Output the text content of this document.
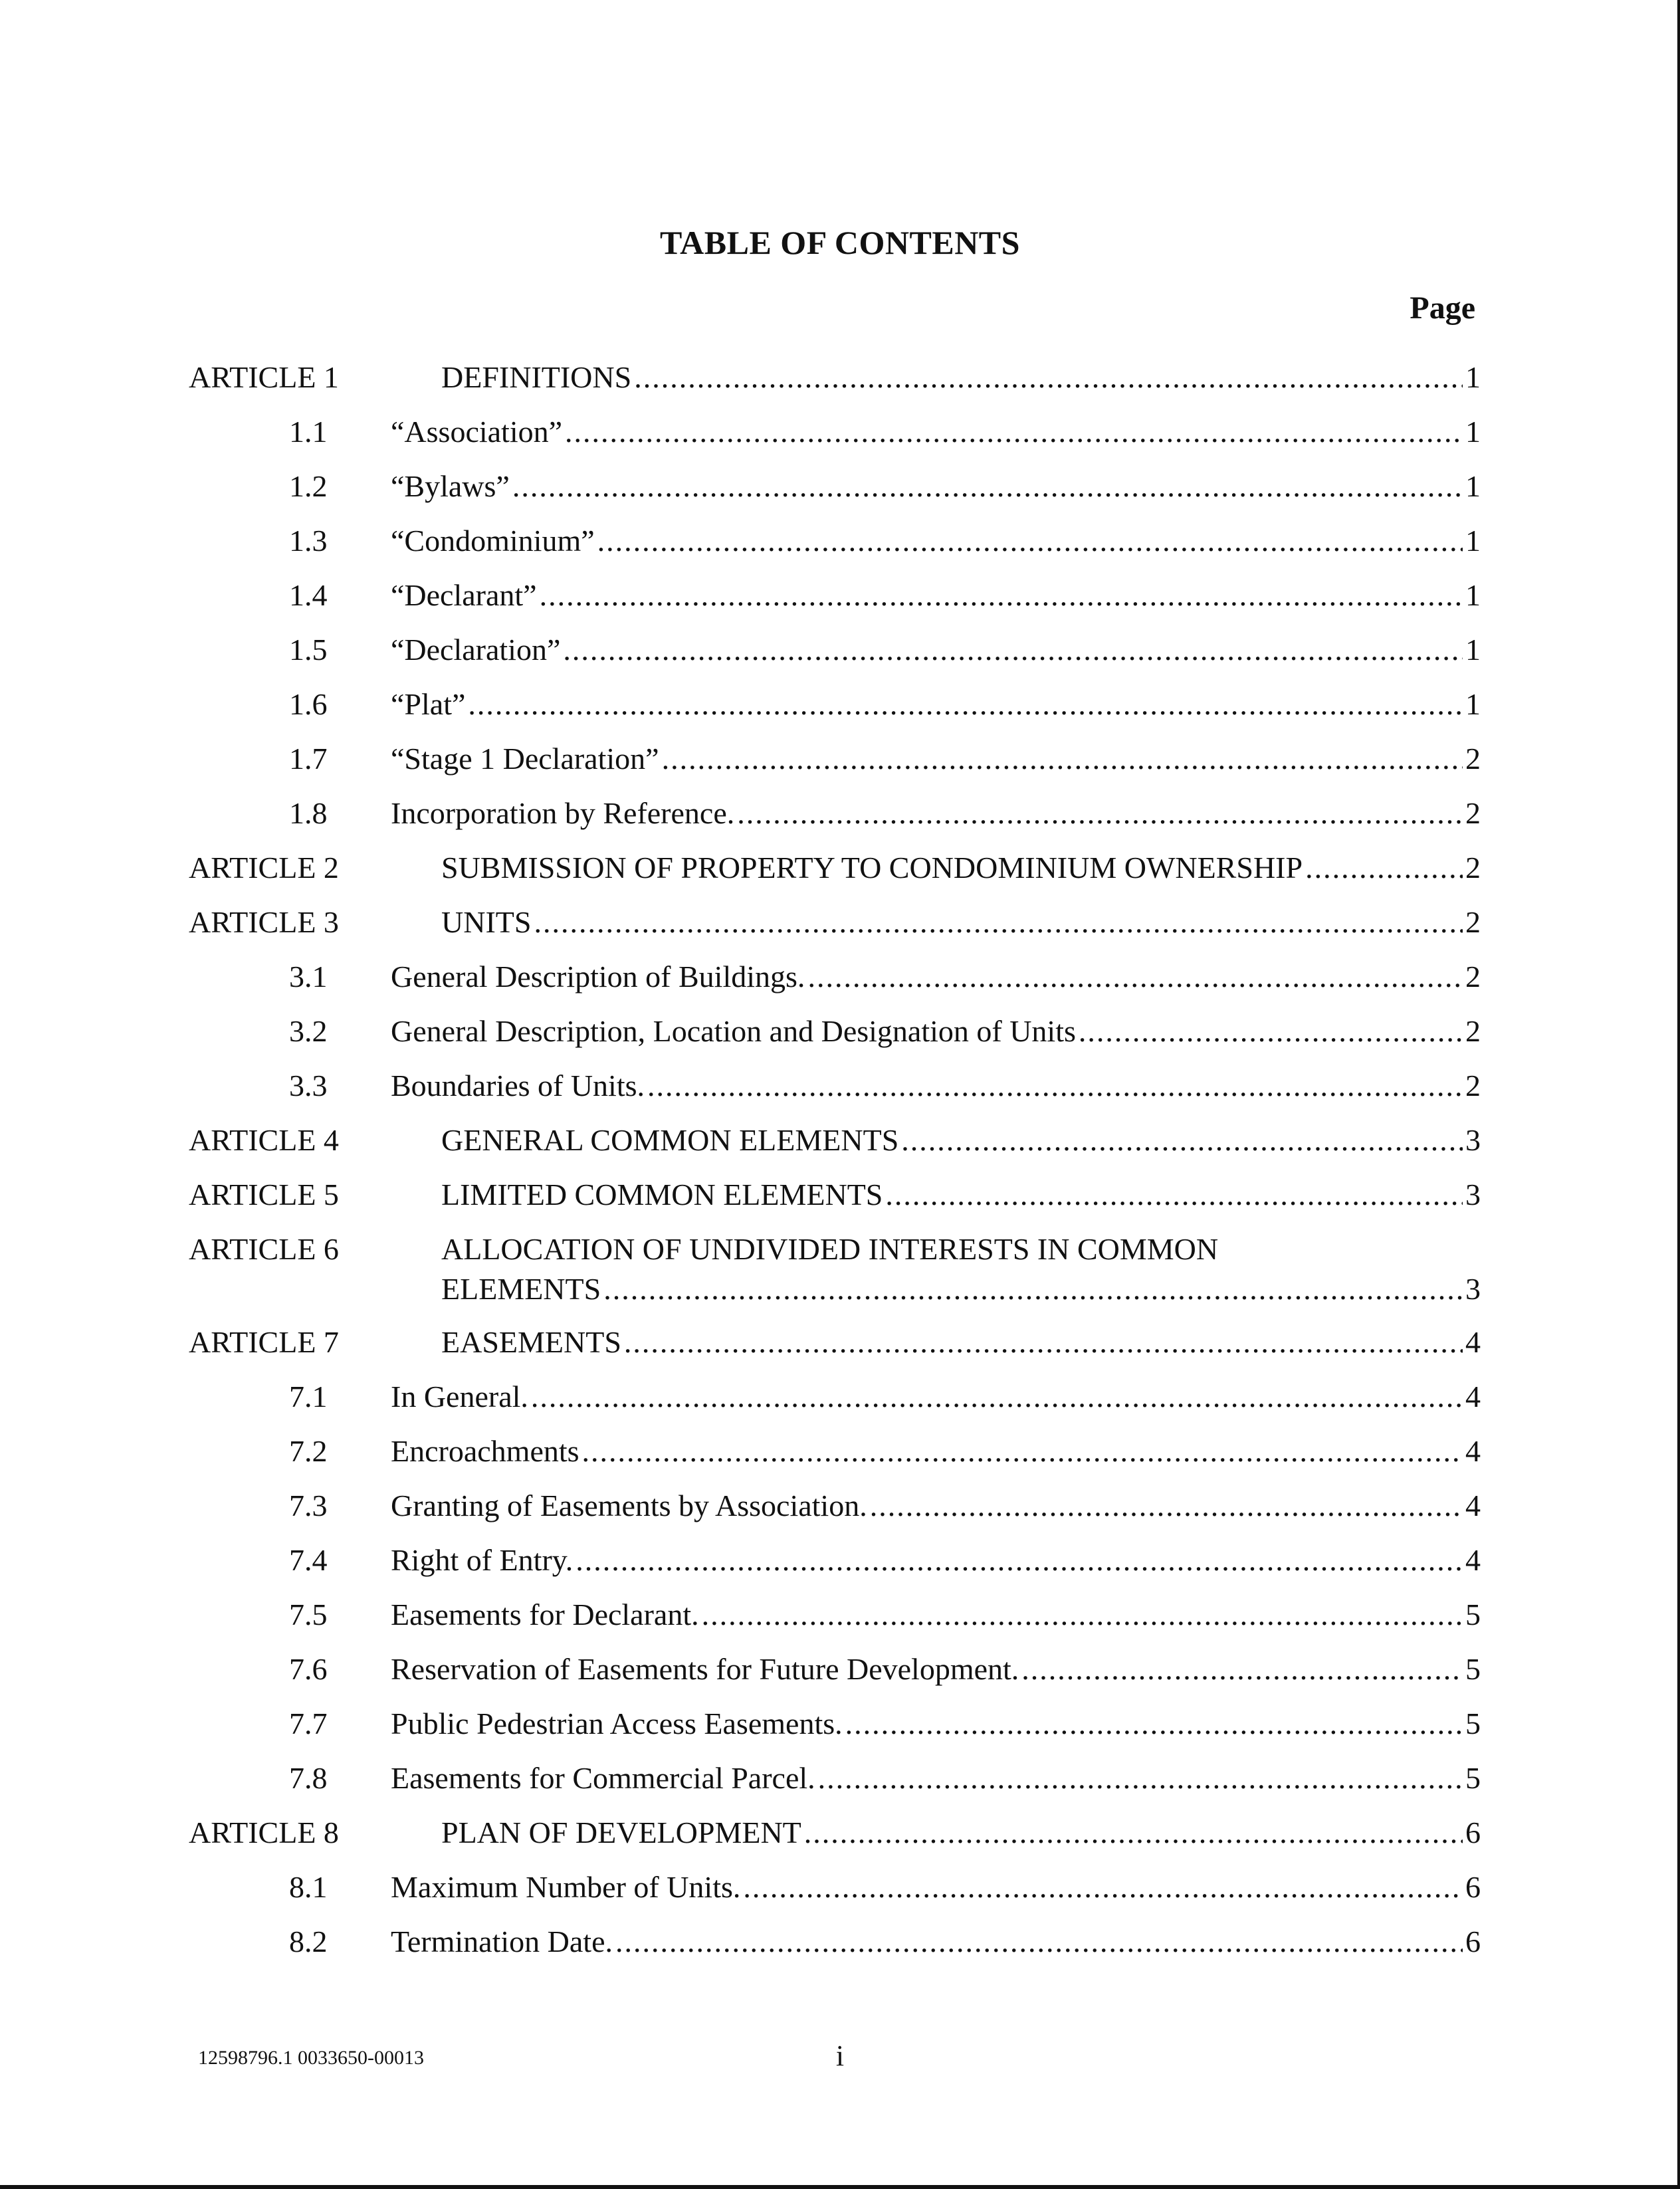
TABLE OF CONTENTS
Page
ARTICLE 1	DEFINITIONS .....	1
1.1 “Association” .....	1
1.2 “Bylaws” .....	1
1.3 “Condominium” .....	1
1.4 “Declarant” .....	1
1.5 “Declaration” .....	1
1.6 “Plat” .....	1
1.7 “Stage 1 Declaration” .....	2
1.8 Incorporation by Reference. .....	2
ARTICLE 2	SUBMISSION OF PROPERTY TO CONDOMINIUM OWNERSHIP .....	2
ARTICLE 3	UNITS .....	2
3.1 General Description of Buildings. .....	2
3.2 General Description, Location and Designation of Units .....	2
3.3 Boundaries of Units. .....	2
ARTICLE 4	GENERAL COMMON ELEMENTS .....	3
ARTICLE 5	LIMITED COMMON ELEMENTS .....	3
ARTICLE 6	ALLOCATION OF UNDIVIDED INTERESTS IN COMMON
ELEMENTS .....	3
ARTICLE 7	EASEMENTS .....	4
7.1 In General. .....	4
7.2 Encroachments .....	4
7.3 Granting of Easements by Association. .....	4
7.4 Right of Entry. .....	4
7.5 Easements for Declarant. .....	5
7.6 Reservation of Easements for Future Development. .....	5
7.7 Public Pedestrian Access Easements. .....	5
7.8 Easements for Commercial Parcel. .....	5
ARTICLE 8	PLAN OF DEVELOPMENT .....	6
8.1 Maximum Number of Units. .....	6
8.2 Termination Date. .....	6
12598796.1 0033650-00013	i
